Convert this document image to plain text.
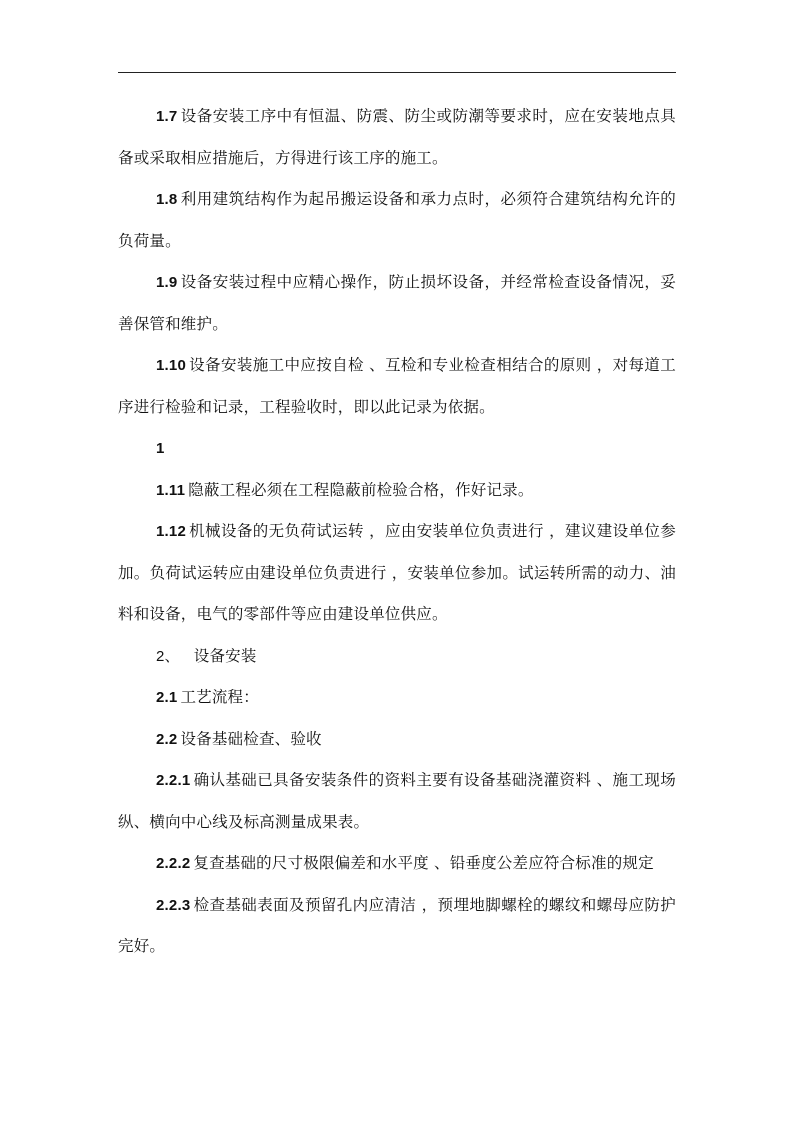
1.7 设备安装工序中有恒温、防震、防尘或防潮等要求时，应在安装地点具备或采取相应措施后，方得进行该工序的施工。

1.8 利用建筑结构作为起吊搬运设备和承力点时，必须符合建筑结构允许的负荷量。

1.9 设备安装过程中应精心操作，防止损坏设备，并经常检查设备情况，妥善保管和维护。

1.10 设备安装施工中应按自检 、互检和专业检查相结合的原则 ，对每道工序进行检验和记录，工程验收时，即以此记录为依据。

1

1.11 隐蔽工程必须在工程隐蔽前检验合格，作好记录。

1.12 机械设备的无负荷试运转 ，应由安装单位负责进行 ，建议建设单位参加。负荷试运转应由建设单位负责进行 ，安装单位参加。试运转所需的动力、油料和设备，电气的零部件等应由建设单位供应。

2、 设备安装

2.1 工艺流程：

2.2 设备基础检查、验收

2.2.1 确认基础已具备安装条件的资料主要有设备基础浇灌资料 、施工现场纵、横向中心线及标高测量成果表。

2.2.2 复查基础的尺寸极限偏差和水平度 、铅垂度公差应符合标准的规定

2.2.3 检查基础表面及预留孔内应清洁 ，预埋地脚螺栓的螺纹和螺母应防护完好。
